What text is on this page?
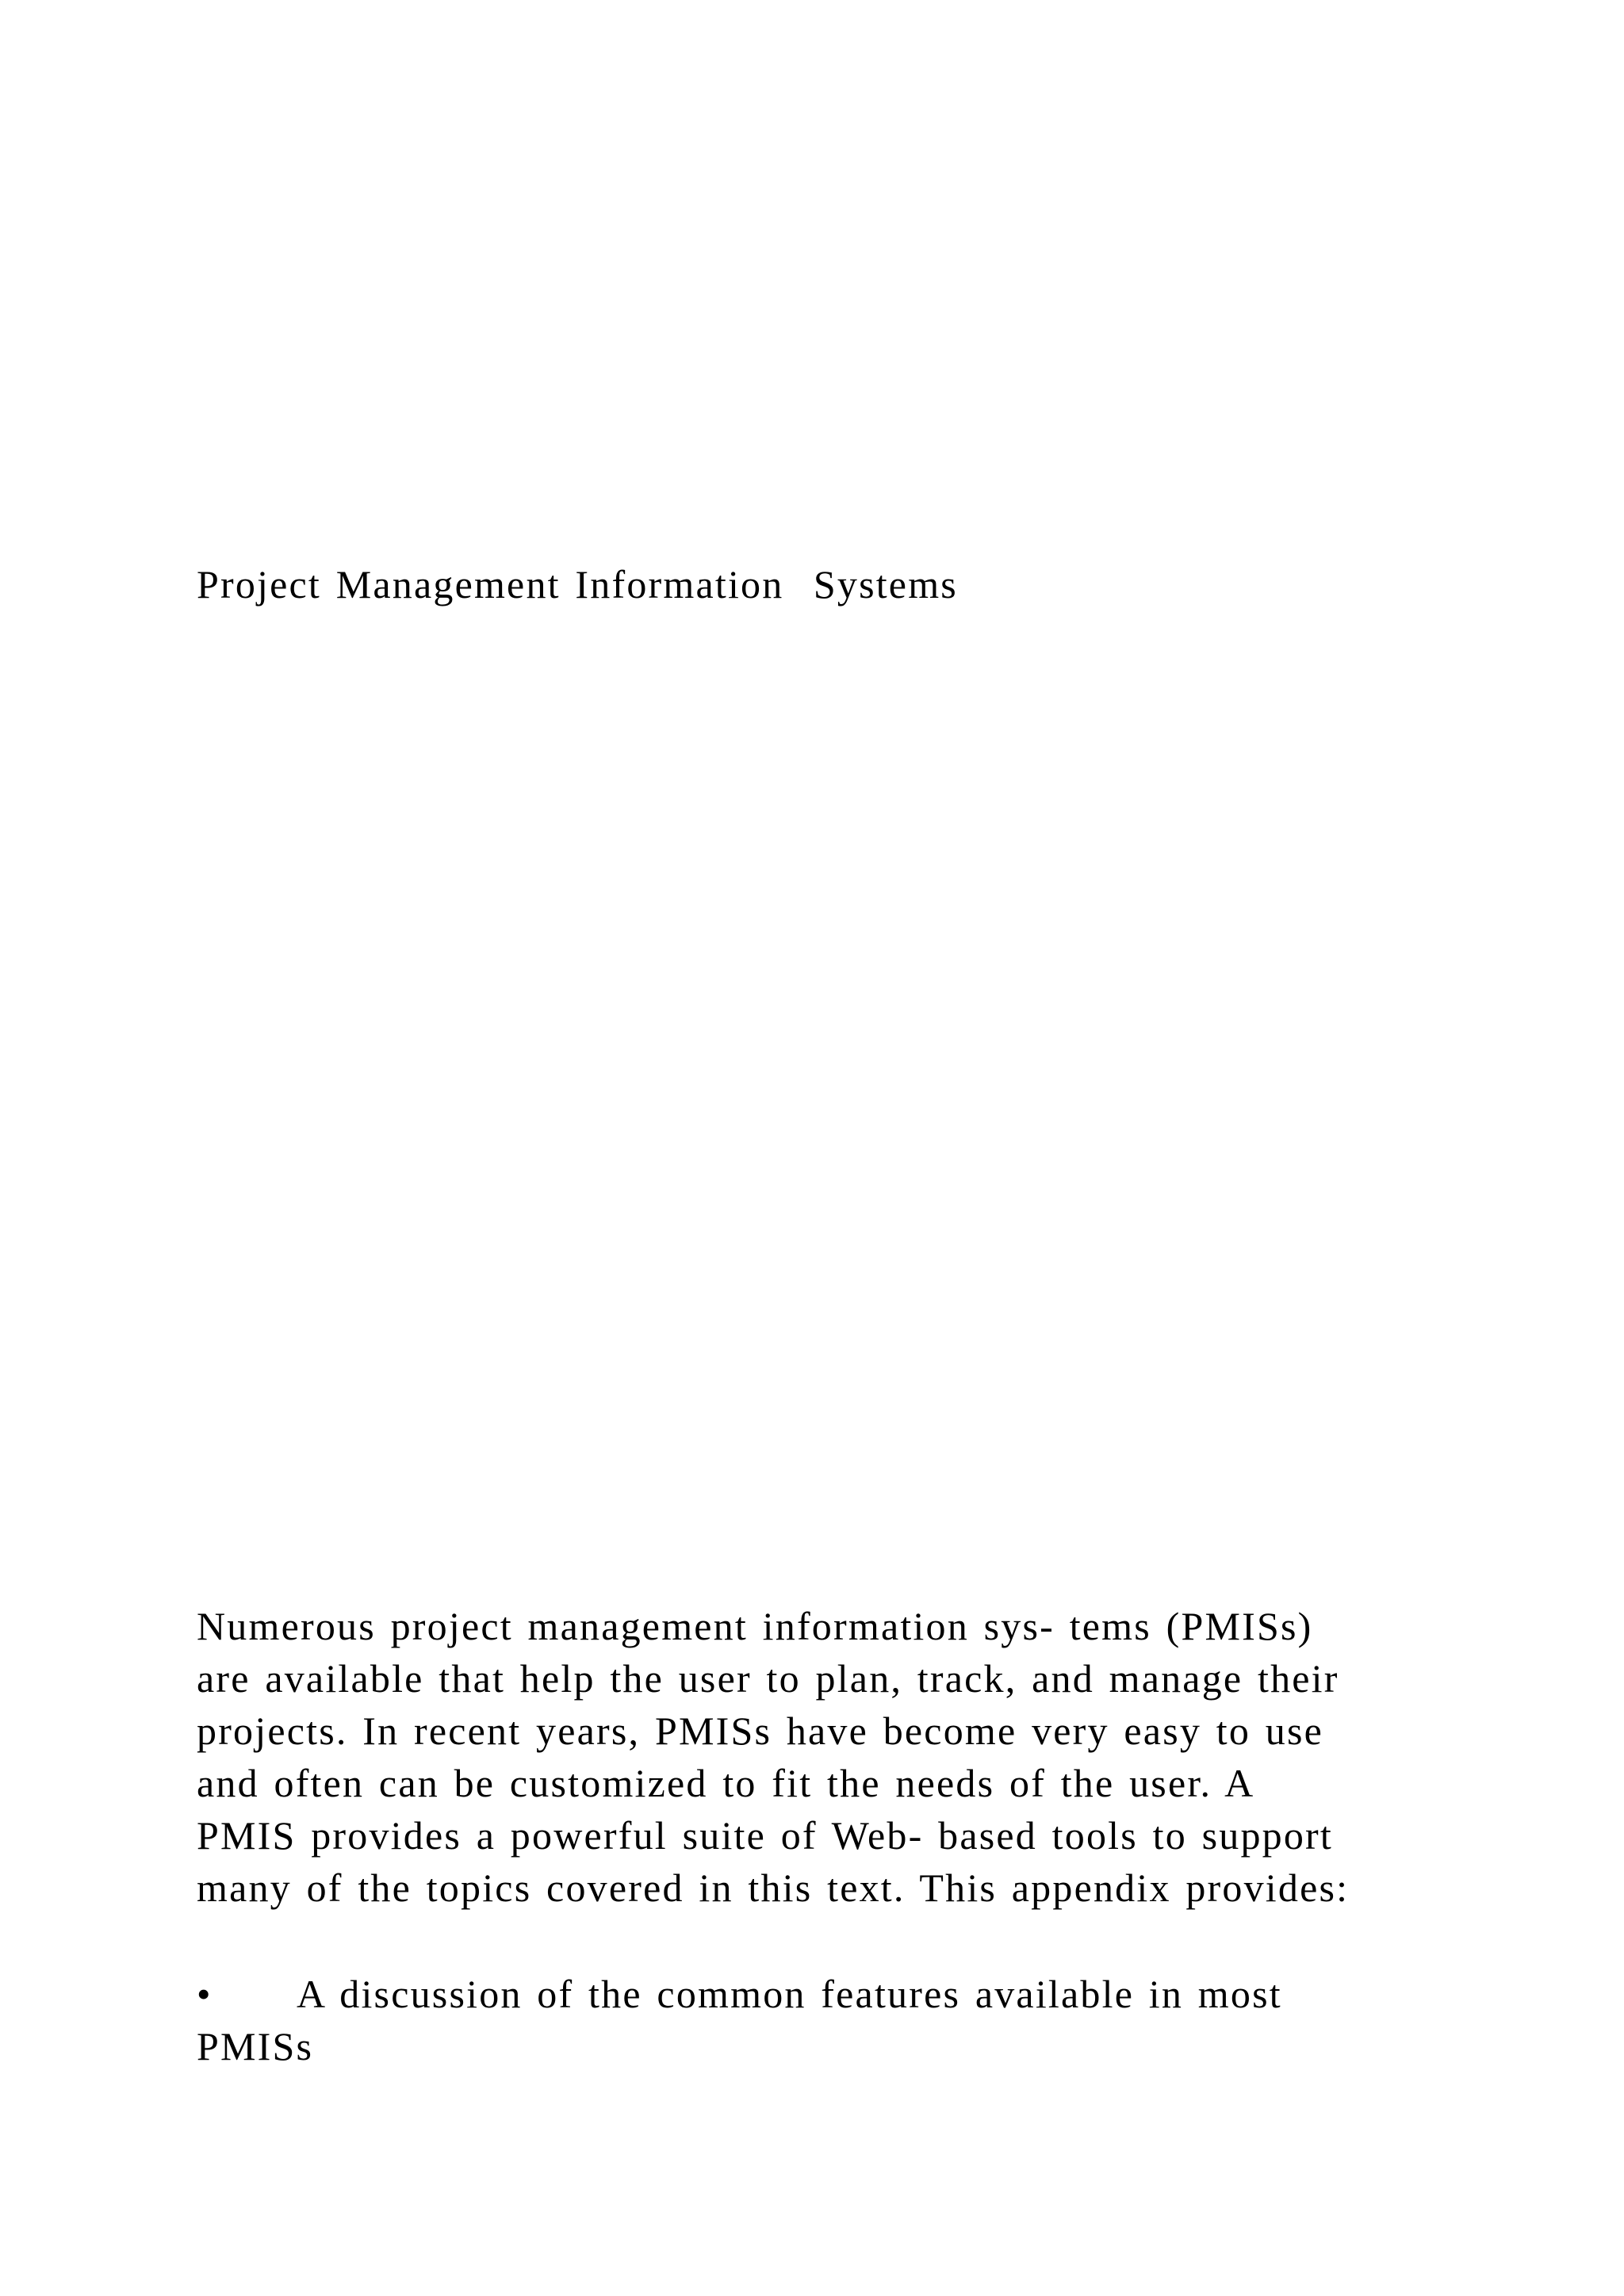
Project Management Information  Systems
Numerous project management information sys- tems (PMISs)
are available that help the user to plan, track, and manage their
projects. In recent years, PMISs have become very easy to use
and often can be customized to fit the needs of the user. A
PMIS provides a powerful suite of Web- based tools to support
many of the topics covered in this text. This appendix provides:
• A discussion of the common features available in most
PMISs
